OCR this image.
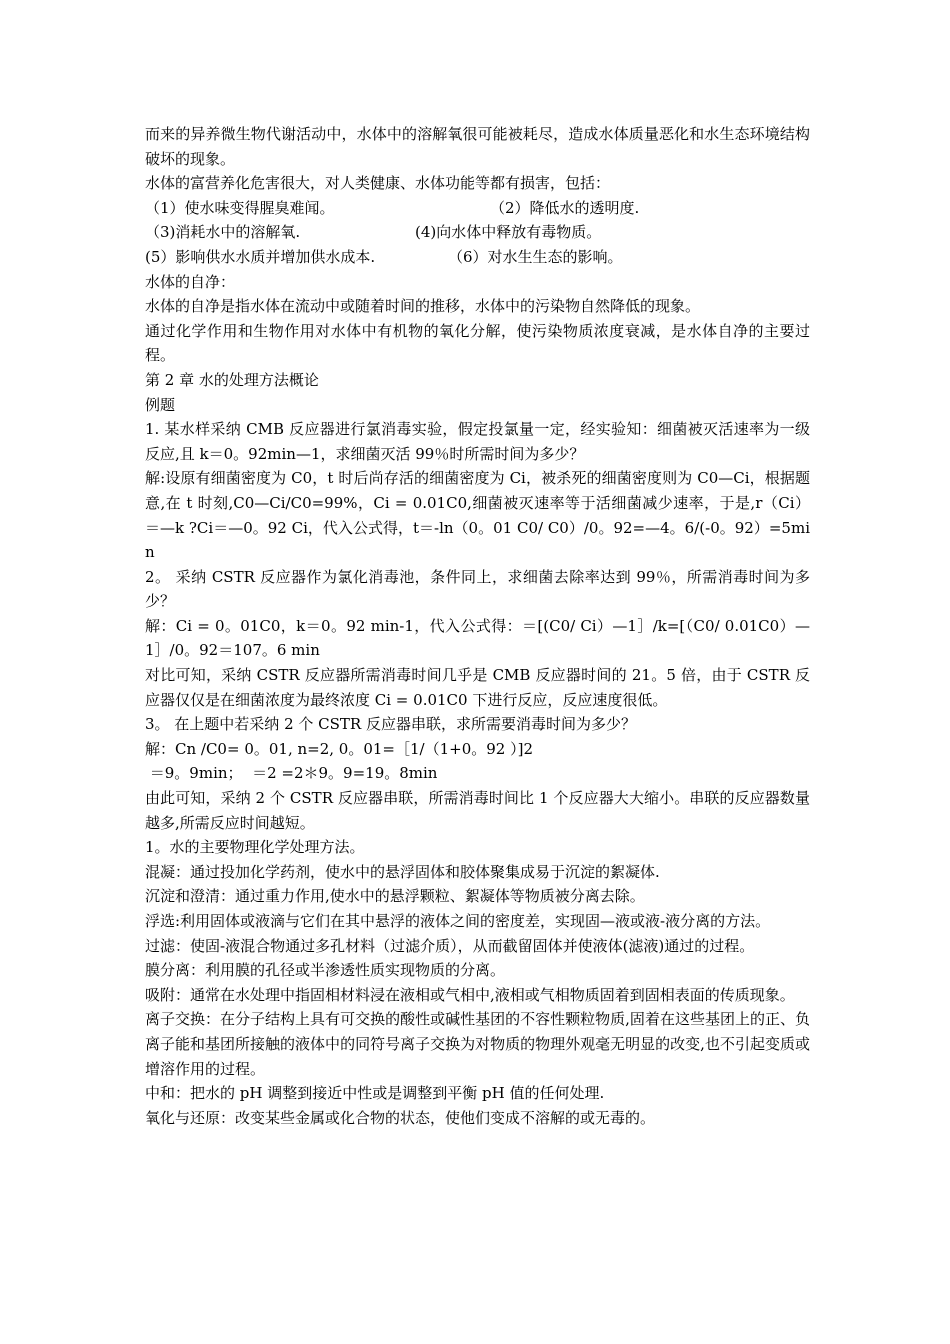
而来的异养微生物代谢活动中，水体中的溶解氧很可能被耗尽，造成水体质量恶化和水生态环境结构破坏的现象。

水体的富营养化危害很大，对人类健康、水体功能等都有损害，包括：

（1）使水味变得腥臭难闻。	（2）降低水的透明度.
（3)消耗水中的溶解氧.	(4)向水体中释放有毒物质。
(5）影响供水水质并增加供水成本.	（6）对水生生态的影响。

水体的自净：

水体的自净是指水体在流动中或随着时间的推移，水体中的污染物自然降低的现象。

通过化学作用和生物作用对水体中有机物的氧化分解，使污染物质浓度衰减，是水体自净的主要过程。

第 2 章 水的处理方法概论

例题

1. 某水样采纳 CMB 反应器进行氯消毒实验，假定投氯量一定，经实验知：细菌被灭活速率为一级反应,且 k＝0。92min—1，求细菌灭活 99％时所需时间为多少？

解:设原有细菌密度为 C0，t 时后尚存活的细菌密度为 Ci，被杀死的细菌密度则为 C0—Ci，根据题意,在 t 时刻,C0—Ci/C0=99%，Ci = 0.01C0,细菌被灭速率等于活细菌减少速率，于是,r（Ci）＝—k ?Ci＝—0。92 Ci，代入公式得，t＝-ln（0。01 C0/ C0）/0。92=—4。6/(-0。92）=5min

2。 采纳 CSTR 反应器作为氯化消毒池，条件同上，求细菌去除率达到 99％，所需消毒时间为多少？

解：Ci = 0。01C0，k＝0。92 min-1，代入公式得：＝[(C0/ Ci）—1］/k=[（C0/ 0.01C0）—1］/0。92＝107。6 min

对比可知，采纳 CSTR 反应器所需消毒时间几乎是 CMB 反应器时间的 21。5 倍，由于 CSTR 反应器仅仅是在细菌浓度为最终浓度 Ci = 0.01C0 下进行反应，反应速度很低。

3。 在上题中若采纳 2 个 CSTR 反应器串联，求所需要消毒时间为多少？

解：Cn /C0= 0。01, n=2, 0。01=［1/（1+0。92 ）]2

＝9。9min；  ＝2 =2＊9。9=19。8min

由此可知，采纳 2 个 CSTR 反应器串联，所需消毒时间比 1 个反应器大大缩小。串联的反应器数量越多,所需反应时间越短。

1。水的主要物理化学处理方法。

混凝：通过投加化学药剂，使水中的悬浮固体和胶体聚集成易于沉淀的絮凝体.

沉淀和澄清：通过重力作用,使水中的悬浮颗粒、絮凝体等物质被分离去除。

浮选:利用固体或液滴与它们在其中悬浮的液体之间的密度差，实现固—液或液-液分离的方法。

过滤：使固-液混合物通过多孔材料（过滤介质），从而截留固体并使液体(滤液)通过的过程。

膜分离：利用膜的孔径或半渗透性质实现物质的分离。

吸附：通常在水处理中指固相材料浸在液相或气相中,液相或气相物质固着到固相表面的传质现象。

离子交换：在分子结构上具有可交换的酸性或碱性基团的不容性颗粒物质,固着在这些基团上的正、负离子能和基团所接触的液体中的同符号离子交换为对物质的物理外观毫无明显的改变,也不引起变质或增溶作用的过程。

中和：把水的 pH 调整到接近中性或是调整到平衡 pH 值的任何处理.

氧化与还原：改变某些金属或化合物的状态，使他们变成不溶解的或无毒的。
